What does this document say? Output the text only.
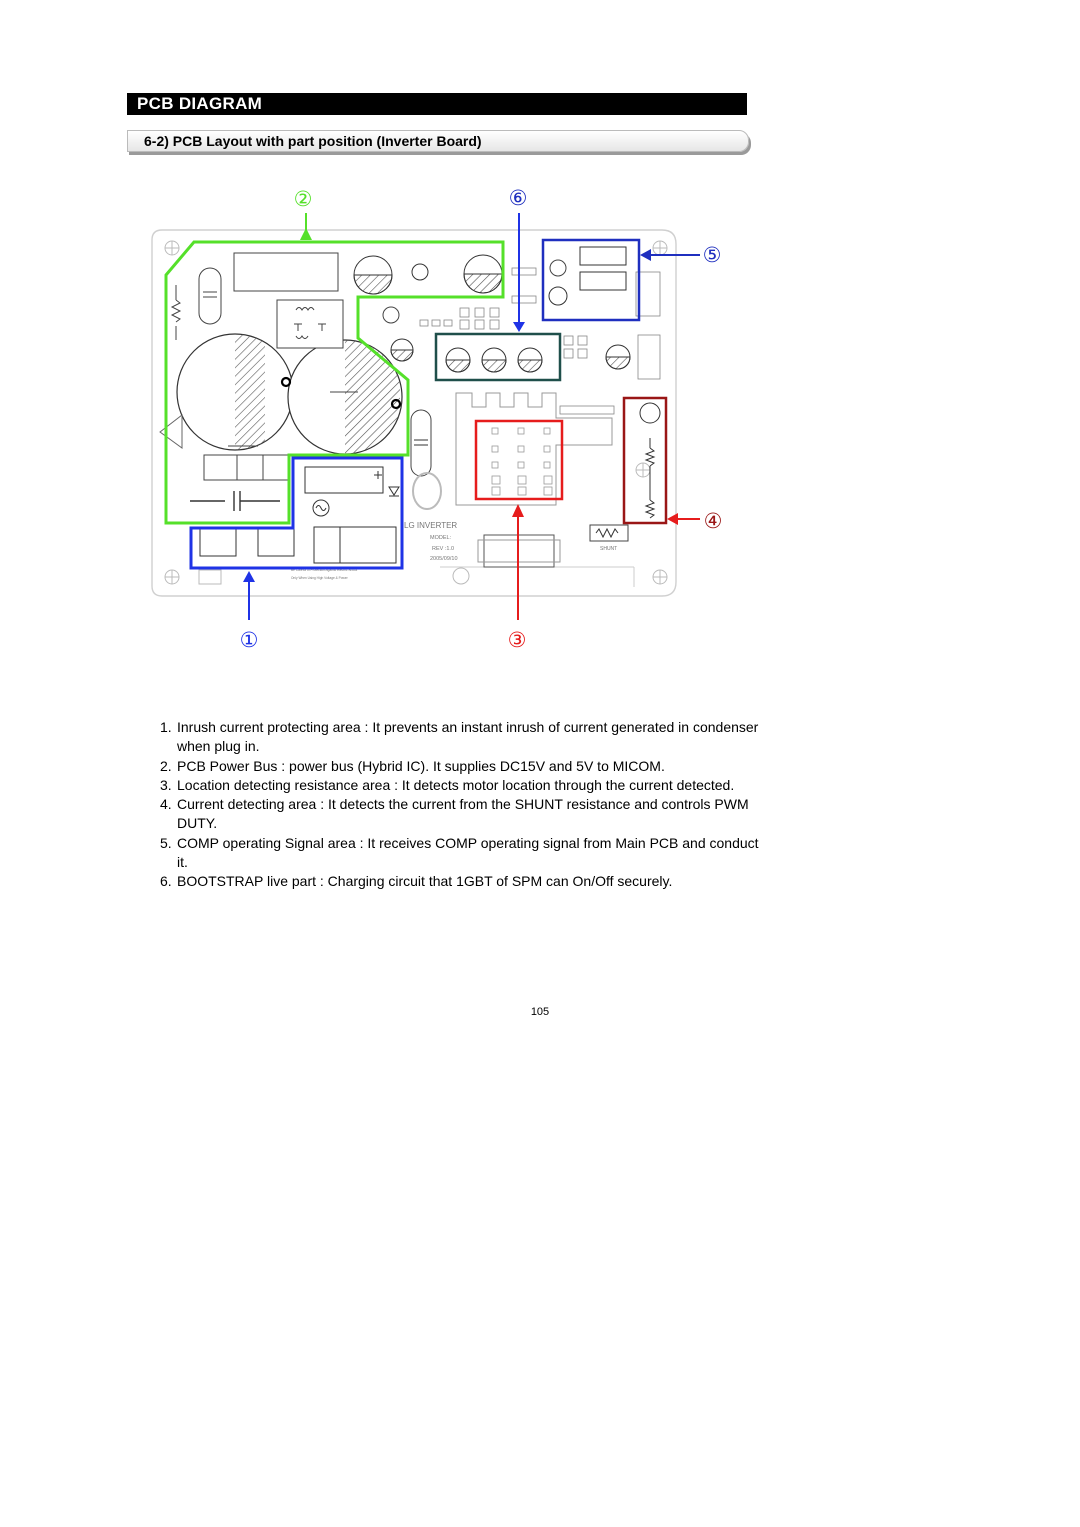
PCB DIAGRAM
6-2) PCB Layout with part position (Inverter Board)
SHUNT
LG INVERTER
MODEL:
REV :1.0
2005/09/10
Be Careful of Protection Against Electric Shock
Only When Using High Voltage & Power
①
②
③
④
⑤
⑥
1. Inrush current protecting area : It prevents an instant inrush of current generated in condenser when plug in.
2. PCB Power Bus : power bus (Hybrid IC). It supplies DC15V and 5V to MICOM.
3. Location detecting resistance area : It detects motor location through the current detected.
4. Current detecting area : It detects the current from the SHUNT resistance and controls PWM DUTY.
5. COMP operating Signal area : It receives COMP operating signal from Main PCB and conduct it.
6. BOOTSTRAP live part : Charging circuit that 1GBT of SPM can On/Off securely.
105
